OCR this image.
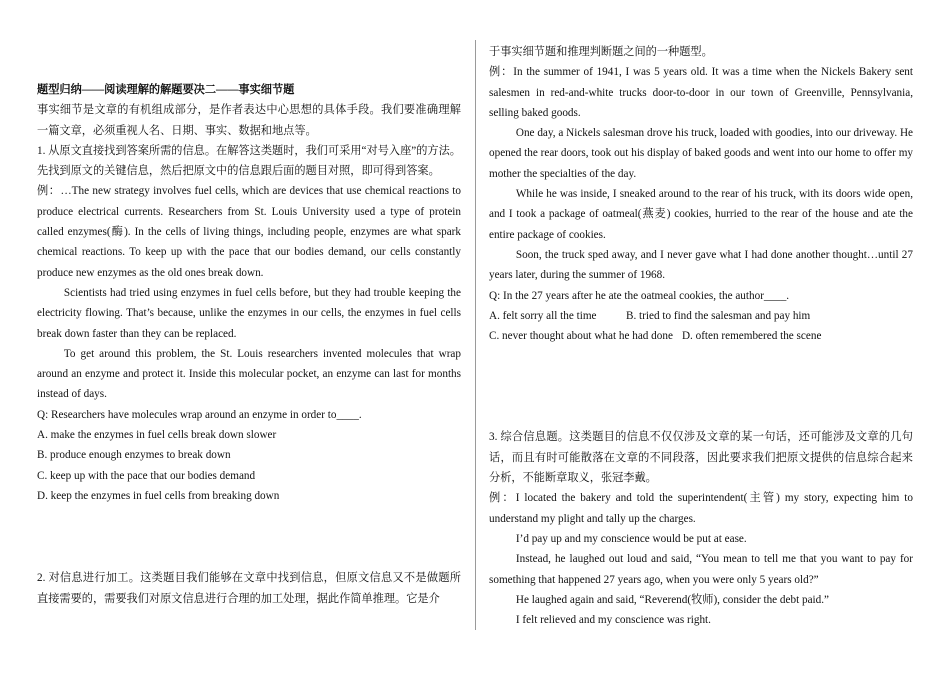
题型归纳——阅读理解的解题要决二——事实细节题

事实细节是文章的有机组成部分，是作者表达中心思想的具体手段。我们要准确理解一篇文章，必须重视人名、日期、事实、数据和地点等。

1. 从原文直接找到答案所需的信息。在解答这类题时，我们可采用“对号入座”的方法。先找到原文的关键信息，然后把原文中的信息跟后面的题目对照，即可得到答案。

例：…The new strategy involves fuel cells, which are devices that use chemical reactions to produce electrical currents. Researchers from St. Louis University used a type of protein called enzymes(酶). In the cells of living things, including people, enzymes are what spark chemical reactions. To keep up with the pace that our bodies demand, our cells constantly produce new enzymes as the old ones break down.

Scientists had tried using enzymes in fuel cells before, but they had trouble keeping the electricity flowing. That’s because, unlike the enzymes in our cells, the enzymes in fuel cells break down faster than they can be replaced.

To get around this problem, the St. Louis researchers invented molecules that wrap around an enzyme and protect it. Inside this molecular pocket, an enzyme can last for months instead of days.

Q: Researchers have molecules wrap around an enzyme in order to____.

A. make the enzymes in fuel cells break down slower

B. produce enough enzymes to break down

C. keep up with the pace that our bodies demand

D. keep the enzymes in fuel cells from breaking down

2. 对信息进行加工。这类题目我们能够在文章中找到信息，但原文信息又不是做题所直接需要的，需要我们对原文信息进行合理的加工处理，据此作简单推理。它是介

于事实细节题和推理判断题之间的一种题型。

例：In the summer of 1941, I was 5 years old. It was a time when the Nickels Bakery sent salesmen in red-and-white trucks door-to-door in our town of Greenville, Pennsylvania, selling baked goods.

One day, a Nickels salesman drove his truck, loaded with goodies, into our driveway. He opened the rear doors, took out his display of baked goods and went into our home to offer my mother the specialties of the day.

While he was inside, I sneaked around to the rear of his truck, with its doors wide open, and I took a package of oatmeal(燕麦) cookies, hurried to the rear of the house and ate the entire package of cookies.

Soon, the truck sped away, and I never gave what I had done another thought…until 27 years later, during the summer of 1968.

Q: In the 27 years after he ate the oatmeal cookies, the author____.

A. felt sorry all the time	B. tried to find the salesman and pay him
C. never thought about what he had done D. often remembered the scene

3. 综合信息题。这类题目的信息不仅仅涉及文章的某一句话，还可能涉及文章的几句话，而且有时可能散落在文章的不同段落，因此要求我们把原文提供的信息综合起来分析，不能断章取义，张冠李戴。

例：I located the bakery and told the superintendent(主管) my story, expecting him to understand my plight and tally up the charges.

I’d pay up and my conscience would be put at ease.

Instead, he laughed out loud and said, “You mean to tell me that you want to pay for something that happened 27 years ago, when you were only 5 years old?”

He laughed again and said, “Reverend(牧师), consider the debt paid.”

I felt relieved and my conscience was right.
